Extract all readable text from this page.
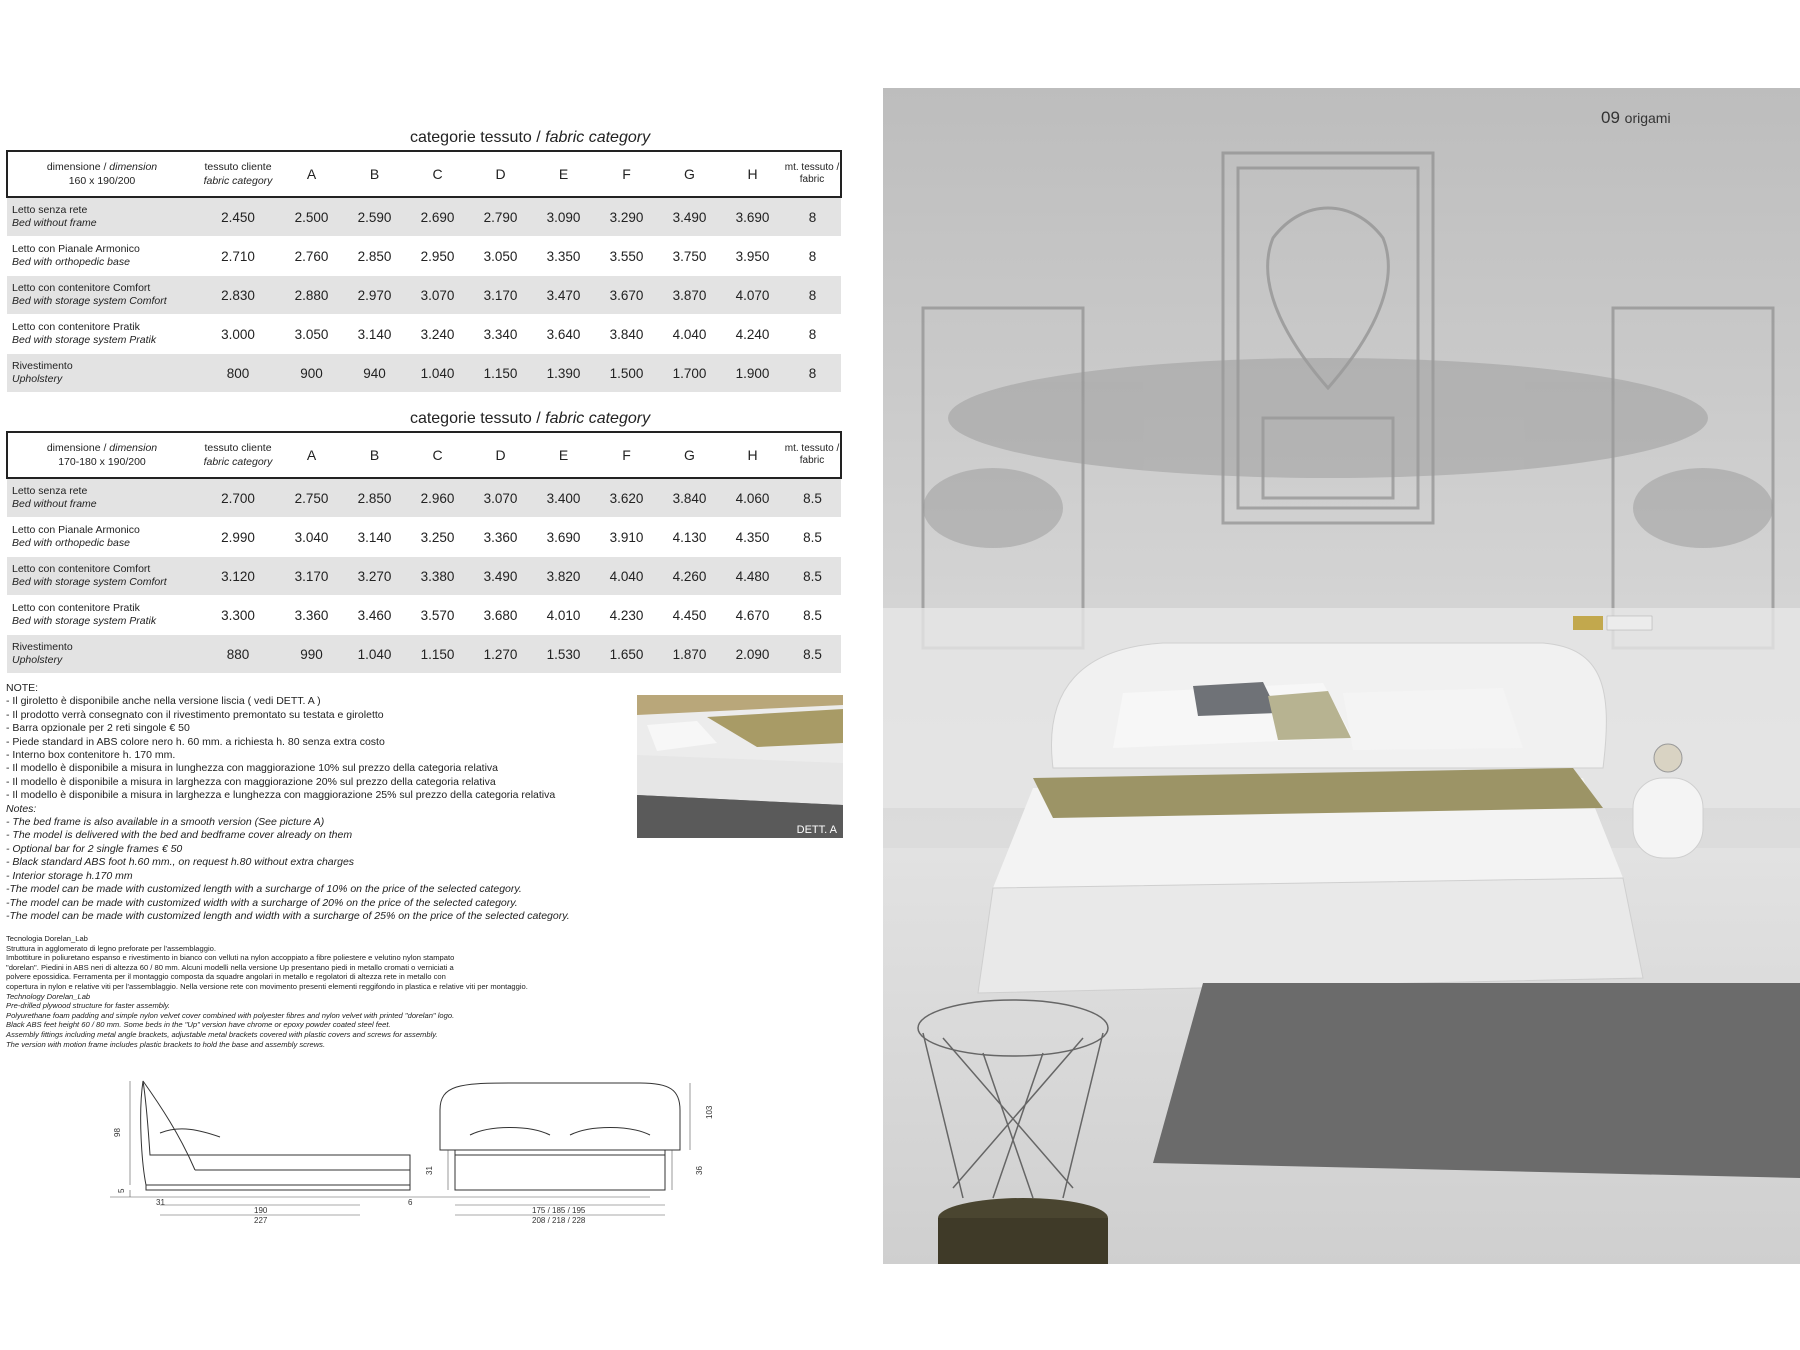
categorie tessuto / fabric category
dimensione / dimension
160 x 190/200	tessuto cliente
fabric category	A	B	C	D	E	F	G	H	mt. tessuto / fabric
Letto senza rete
Bed without frame	2.450	2.500	2.590	2.690	2.790	3.090	3.290	3.490	3.690	8
Letto con Pianale Armonico
Bed with orthopedic base	2.710	2.760	2.850	2.950	3.050	3.350	3.550	3.750	3.950	8
Letto con contenitore Comfort
Bed with storage system Comfort	2.830	2.880	2.970	3.070	3.170	3.470	3.670	3.870	4.070	8
Letto con contenitore Pratik
Bed with storage system Pratik	3.000	3.050	3.140	3.240	3.340	3.640	3.840	4.040	4.240	8
Rivestimento
Upholstery	800	900	940	1.040	1.150	1.390	1.500	1.700	1.900	8
categorie tessuto / fabric category
dimensione / dimension
170-180 x 190/200	tessuto cliente
fabric category	A	B	C	D	E	F	G	H	mt. tessuto / fabric
Letto senza rete
Bed without frame	2.700	2.750	2.850	2.960	3.070	3.400	3.620	3.840	4.060	8.5
Letto con Pianale Armonico
Bed with orthopedic base	2.990	3.040	3.140	3.250	3.360	3.690	3.910	4.130	4.350	8.5
Letto con contenitore Comfort
Bed with storage system Comfort	3.120	3.170	3.270	3.380	3.490	3.820	4.040	4.260	4.480	8.5
Letto con contenitore Pratik
Bed with storage system Pratik	3.300	3.360	3.460	3.570	3.680	4.010	4.230	4.450	4.670	8.5
Rivestimento
Upholstery	880	990	1.040	1.150	1.270	1.530	1.650	1.870	2.090	8.5
NOTE:
- Il giroletto è disponibile anche nella versione liscia ( vedi DETT. A )
- Il prodotto verrà consegnato con il rivestimento premontato su testata e giroletto
- Barra opzionale per 2 reti singole € 50
- Piede standard in ABS colore nero h. 60 mm. a richiesta h. 80 senza extra costo
- Interno box contenitore h. 170 mm.
- Il modello è disponibile a misura in lunghezza con maggiorazione 10% sul prezzo della categoria relativa
- Il modello è disponibile a misura in larghezza con maggiorazione 20% sul prezzo della categoria relativa
- Il modello è disponibile a misura in larghezza e lunghezza con maggiorazione 25% sul prezzo della categoria relativa
Notes:
- The bed frame is also available in a smooth version (See picture A)
- The model is delivered with the bed and bedframe cover already on them
- Optional bar for 2 single frames € 50
- Black standard ABS foot h.60 mm., on request h.80 without extra charges
- Interior storage h.170 mm
-The model can be made with customized length with a surcharge of 10% on the price of the selected category.
-The model can be made with customized width with a surcharge of 20% on the price of the selected category.
-The model can be made with customized length and width with a surcharge of 25% on the price of the selected category.
Tecnologia Dorelan_Lab
Struttura in agglomerato di legno preforate per l'assemblaggio.
Imbottiture in poliuretano espanso e rivestimento in bianco con velluti na nylon accoppiato a fibre poliestere e velutino nylon stampato
"dorelan". Piedini in ABS neri di altezza 60 / 80 mm. Alcuni modelli nella versione Up presentano piedi in metallo cromati o verniciati a
polvere epossidica. Ferramenta per il montaggio composta da squadre angolari in metallo e regolatori di altezza rete in metallo con
copertura in nylon e relative viti per l'assemblaggio. Nella versione rete con movimento presenti elementi reggifondo in plastica e relative viti per montaggio.
Technology Dorelan_Lab
Pre-drilled plywood structure for faster assembly.
Polyurethane foam padding and simple nylon velvet cover combined with polyester fibres and nylon velvet with printed "dorelan" logo.
Black ABS feet height 60 / 80 mm. Some beds in the "Up" version have chrome or epoxy powder coated steel feet.
Assembly fittings including metal angle brackets, adjustable metal brackets covered with plastic covers and screws for assembly.
The version with motion frame includes plastic brackets to hold the base and assembly screws.
DETT. A
98
5
31	6
190
227
103
31	36
175 / 185 / 195
208 / 218 / 228
09 origami
